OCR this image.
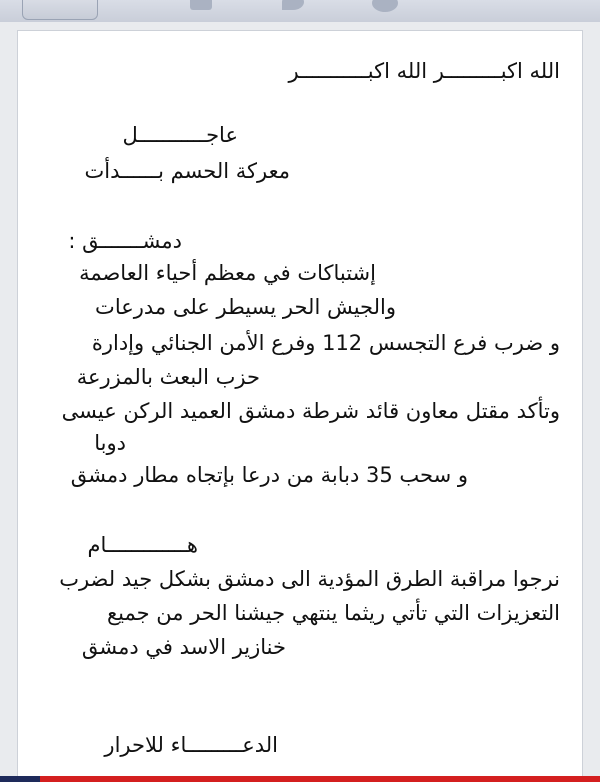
الله اكبـــــــــر الله اكبـــــــــــر
عاجـــــــــــل
معركة الحسم بــــــدأت
دمشـــــــق :
إشتباكات في معظم أحياء العاصمة
والجيش الحر يسيطر على مدرعات
و ضرب فرع التجسس 112 وفرع الأمن الجنائي وإدارة
حزب البعث بالمزرعة
وتأكد مقتل معاون قائد شرطة دمشق العميد الركن عيسى
دوبا
و سحب 35 دبابة من درعا بإتجاه مطار دمشق
هـــــــــــــام
نرجوا مراقبة الطرق المؤدية الى دمشق بشكل جيد لضرب
التعزيزات التي تأتي ريثما ينتهي جيشنا الحر من جميع
خنازير الاسد في دمشق
الدعـــــــــاء للاحرار
